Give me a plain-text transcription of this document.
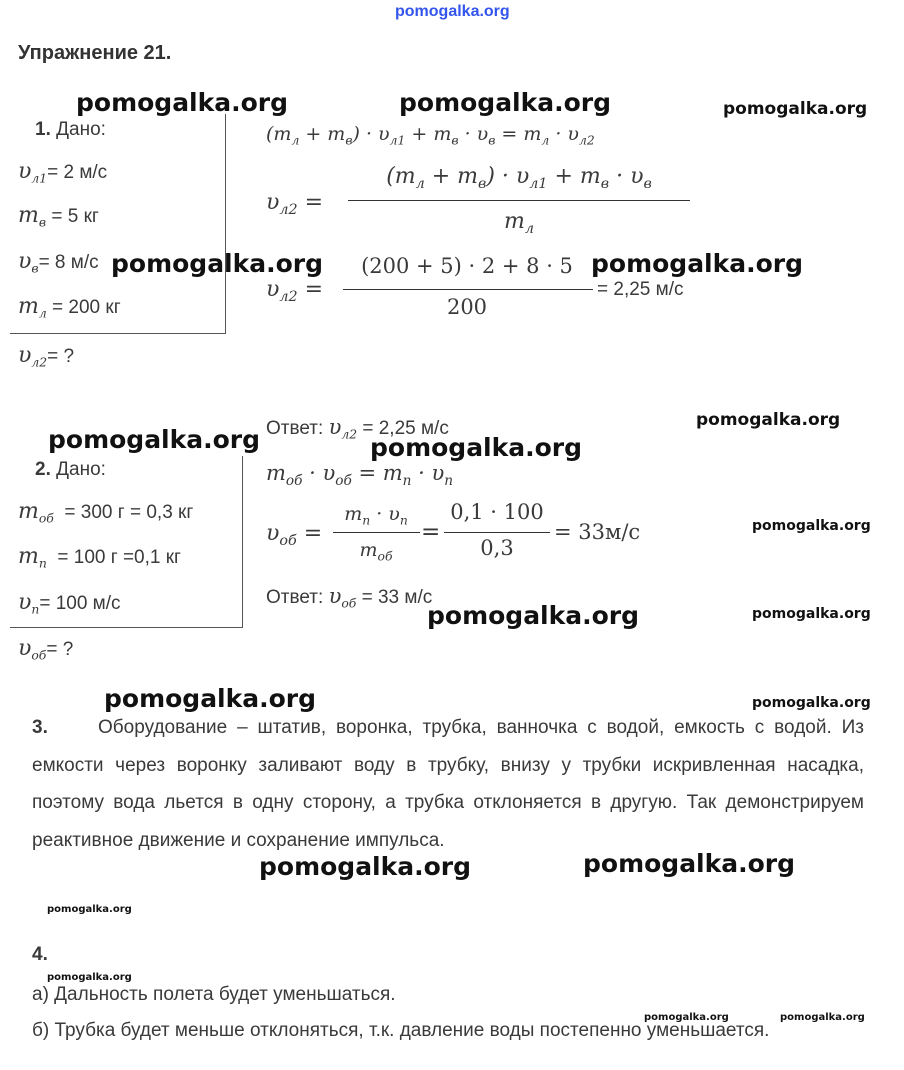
pomogalka.org
Упражнение 21.
1. Дано:
$\upsilon_{л1}= 2$ м/с
$m_в = 5$ кг
$\upsilon_в= 8$ м/с
$m_л = 200$ кг
$\upsilon_{л2}=$ ?
$(m_л + m_в) \cdot \upsilon_{л1} + m_в \cdot \upsilon_в = m_л \cdot \upsilon_{л2}$
$\upsilon_{л2}$ =
$(m_л + m_в) \cdot \upsilon_{л1} + m_в \cdot \upsilon_в$
$m_л$
$\upsilon_{л2}$ =
(200 + 5) · 2 + 8 · 5
200
= 2,25 м/с
Ответ: $\upsilon_{л2} = 2,25$ м/с
2. Дано:
$m_{об} = 300$ г = 0,3 кг
$m_п = 100$ г =0,1 кг
$\upsilon_п= 100$ м/с
$\upsilon_{об}=$ ?
$m_{об} \cdot \upsilon_{об} = m_п \cdot \upsilon_п$
$\upsilon_{об}$ =
$m_п \cdot \upsilon_п$
$m_{об}$
=
0,1 · 100
0,3
= 33м/с
Ответ: $\upsilon_{об} = 33$ м/с
3.	Оборудование – штатив, воронка, трубка, ванночка с водой, емкость с водой. Из емкости через воронку заливают воду в трубку, внизу у трубки искривленная насадка, поэтому вода льется в одну сторону, а трубка отклоняется в другую. Так демонстрируем реактивное движение и сохранение импульса.
4.
а) Дальность полета будет уменьшаться.
б) Трубка будет меньше отклоняться, т.к. давление воды постепенно уменьшается.
pomogalka.org	pomogalka.org	pomogalka.org
pomogalka.org	pomogalka.org
pomogalka.org
pomogalka.org	pomogalka.org
pomogalka.org
pomogalka.org	pomogalka.org
pomogalka.org	pomogalka.org
pomogalka.org	pomogalka.org
pomogalka.org
pomogalka.org
pomogalka.org	pomogalka.org
